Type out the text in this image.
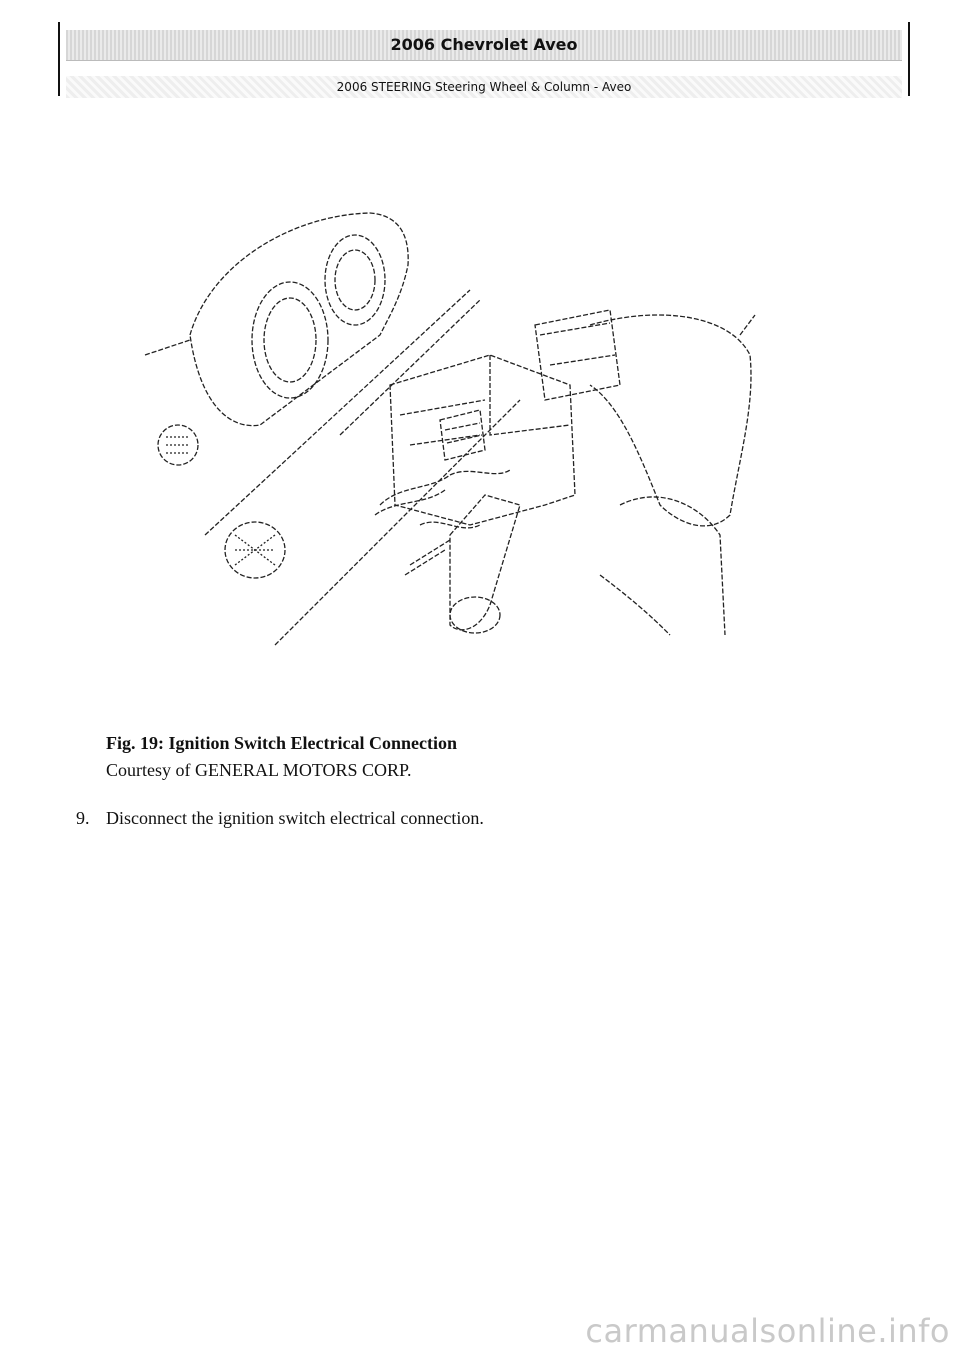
2006 Chevrolet Aveo
2006 STEERING Steering Wheel & Column - Aveo
Fig. 19: Ignition Switch Electrical Connection
Courtesy of GENERAL MOTORS CORP.
9. Disconnect the ignition switch electrical connection.
carmanualsonline.info
